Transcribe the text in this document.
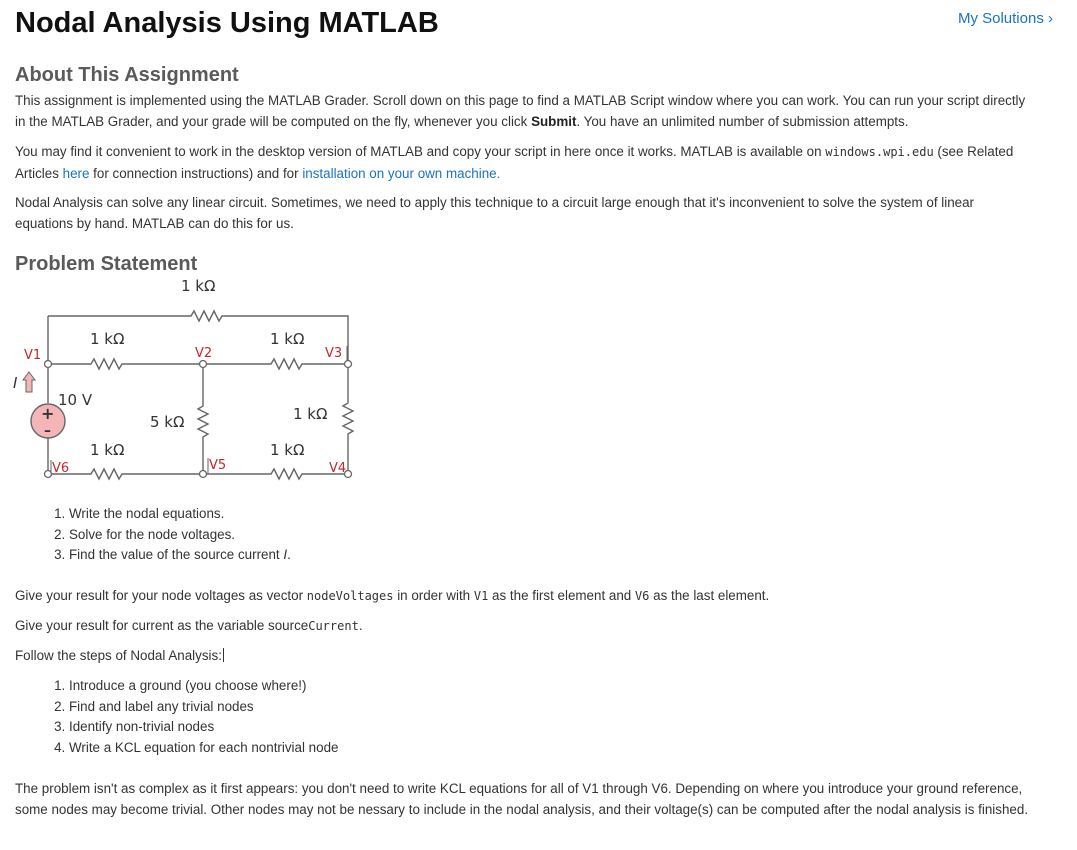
Nodal Analysis Using MATLAB	My Solutions ›
About This Assignment

This assignment is implemented using the MATLAB Grader. Scroll down on this page to find a MATLAB Script window where you can work. You can run your script directly in the MATLAB Grader, and your grade will be computed on the fly, whenever you click Submit. You have an unlimited number of submission attempts.

You may find it convenient to work in the desktop version of MATLAB and copy your script in here once it works. MATLAB is available on windows.wpi.edu (see Related Articles here for connection instructions) and for installation on your own machine.

Nodal Analysis can solve any linear circuit. Sometimes, we need to apply this technique to a circuit large enough that it's inconvenient to solve the system of linear equations by hand. MATLAB can do this for us.

Problem Statement
1 kΩ
1 kΩ	1 kΩ
5 kΩ	1 kΩ
1 kΩ	1 kΩ
+
–
10 V
I
V1	V2	V3
V4
V5
V6
1. Write the nodal equations.
2. Solve for the node voltages.
3. Find the value of the source current I.

Give your result for your node voltages as vector nodeVoltages in order with V1 as the first element and V6 as the last element.

Give your result for current as the variable sourceCurrent.

Follow the steps of Nodal Analysis:

1. Introduce a ground (you choose where!)
2. Find and label any trivial nodes
3. Identify non-trivial nodes
4. Write a KCL equation for each nontrivial node

The problem isn't as complex as it first appears: you don't need to write KCL equations for all of V1 through V6. Depending on where you introduce your ground reference, some nodes may become trivial. Other nodes may not be nessary to include in the nodal analysis, and their voltage(s) can be computed after the nodal analysis is finished.
